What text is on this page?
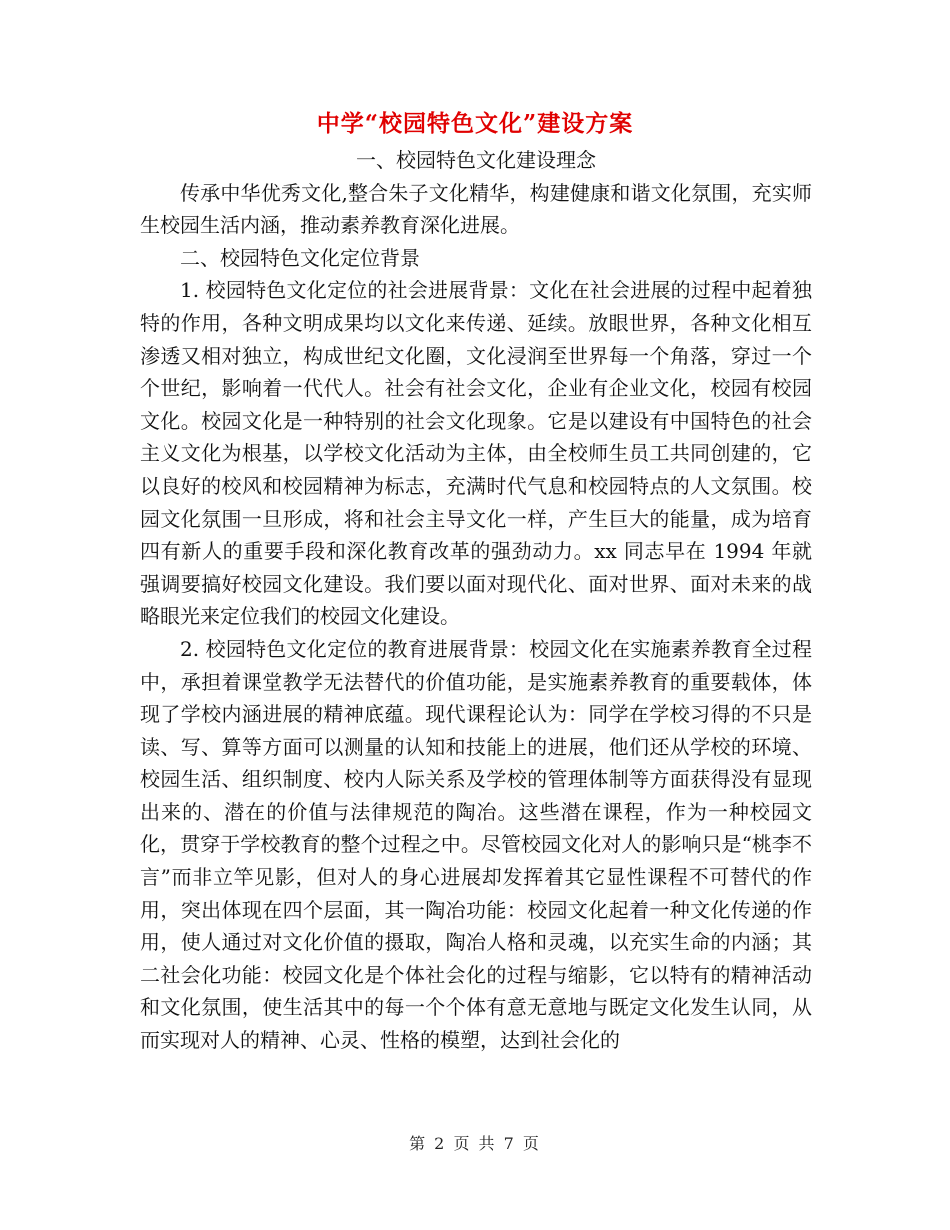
中学“校园特色文化”建设方案

一、校园特色文化建设理念

传承中华优秀文化,整合朱子文化精华，构建健康和谐文化氛围，充实师生校园生活内涵，推动素养教育深化进展。

二、校园特色文化定位背景

1. 校园特色文化定位的社会进展背景：文化在社会进展的过程中起着独特的作用，各种文明成果均以文化来传递、延续。放眼世界，各种文化相互渗透又相对独立，构成世纪文化圈，文化浸润至世界每一个角落，穿过一个个世纪，影响着一代代人。社会有社会文化，企业有企业文化，校园有校园文化。校园文化是一种特别的社会文化现象。它是以建设有中国特色的社会主义文化为根基，以学校文化活动为主体，由全校师生员工共同创建的，它以良好的校风和校园精神为标志，充满时代气息和校园特点的人文氛围。校园文化氛围一旦形成，将和社会主导文化一样，产生巨大的能量，成为培育四有新人的重要手段和深化教育改革的强劲动力。xx 同志早在 1994 年就强调要搞好校园文化建设。我们要以面对现代化、面对世界、面对未来的战略眼光来定位我们的校园文化建设。

2. 校园特色文化定位的教育进展背景：校园文化在实施素养教育全过程中，承担着课堂教学无法替代的价值功能，是实施素养教育的重要载体，体现了学校内涵进展的精神底蕴。现代课程论认为：同学在学校习得的不只是读、写、算等方面可以测量的认知和技能上的进展，他们还从学校的环境、校园生活、组织制度、校内人际关系及学校的管理体制等方面获得没有显现出来的、潜在的价值与法律规范的陶冶。这些潜在课程，作为一种校园文化，贯穿于学校教育的整个过程之中。尽管校园文化对人的影响只是“桃李不言”而非立竿见影，但对人的身心进展却发挥着其它显性课程不可替代的作用，突出体现在四个层面，其一陶冶功能：校园文化起着一种文化传递的作用，使人通过对文化价值的摄取，陶冶人格和灵魂，以充实生命的内涵；其二社会化功能：校园文化是个体社会化的过程与缩影，它以特有的精神活动和文化氛围，使生活其中的每一个个体有意无意地与既定文化发生认同，从而实现对人的精神、心灵、性格的模塑，达到社会化的

第 2 页 共 7 页
